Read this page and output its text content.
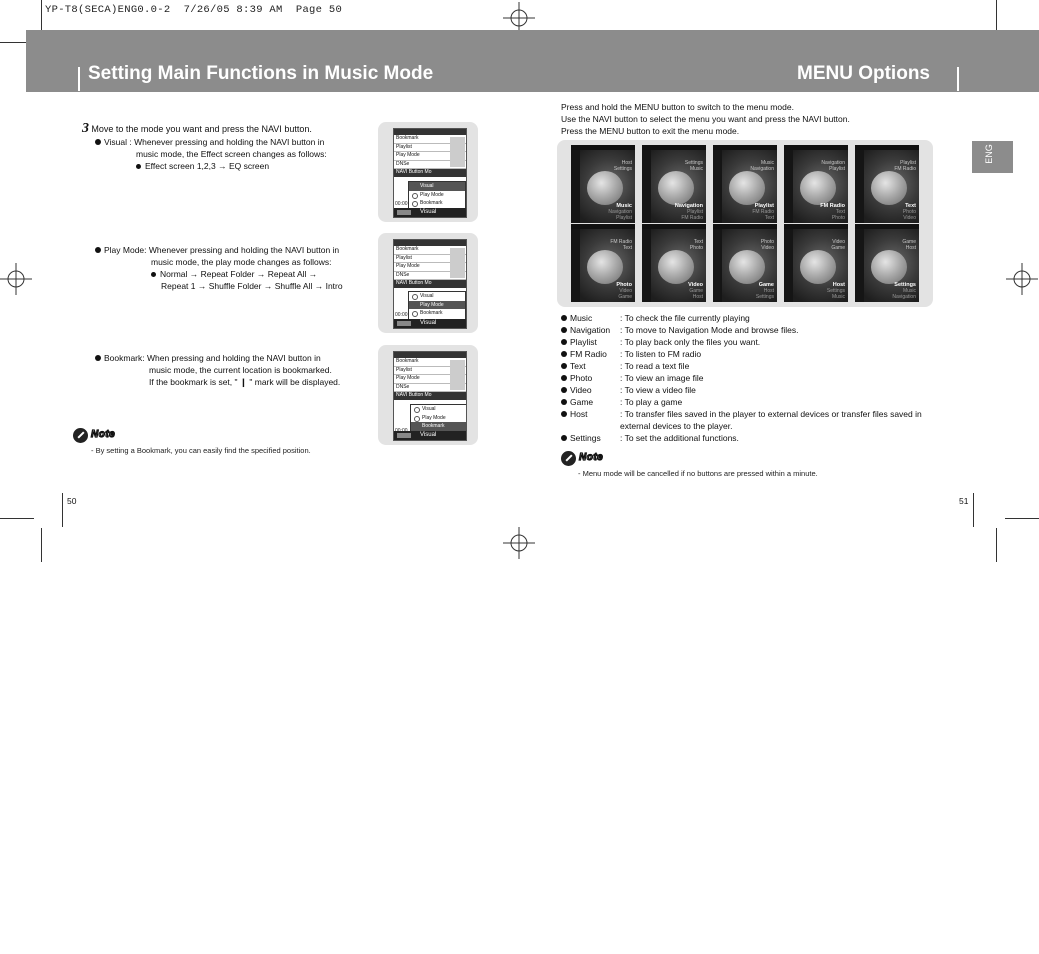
YP-T8(SECA)ENG0.0-2  7/26/05 8:39 AM  Page 50
Setting Main Functions in Music Mode	MENU Options
3 Move to the mode you want and press the NAVI button.
Visual : Whenever pressing and holding the NAVI button in
music mode, the Effect screen changes as follows:
Effect screen 1,2,3 → EQ screen
Play Mode: Whenever pressing and holding the NAVI button in
music mode, the play mode changes as follows:
Normal → Repeat Folder → Repeat All →
Repeat 1 → Shuffle Folder → Shuffle All → Intro
Bookmark: When pressing and holding the NAVI button in
music mode, the current location is bookmarked.
If the bookmark is set, " ❙ " mark will be displayed.
Bookmark
Playlist
Play Mode
DNSe
NAVI Button Mo
Visual
Play Mode
Bookmark
00:00
Visual
Bookmark
Playlist
Play Mode
DNSe
NAVI Button Mo
Visual
Play Mode
Bookmark
00:00
Visual
Bookmark
Playlist
Play Mode
DNSe
NAVI Button Mo
Visual
Play Mode
Bookmark
Visual
Note
- By setting a Bookmark, you can easily find the specified position.
50
Press and hold the MENU button to switch to the menu mode.
Use the NAVI button to select the menu you want and press the NAVI button.
Press the MENU button to exit the menu mode.
Host
Settings
Music
Navigation
Playlist
Settings
Music
Navigation
Playlist
FM Radio
Music
Navigation
Playlist
FM Radio
Text
Navigation
Playlist
FM Radio
Text
Photo
Playlist
FM Radio
Text
Photo
Video
FM Radio
Text
Photo
Video
Game
Text
Photo
Video
Game
Host
Photo
Video
Game
Host
Settings
Video
Game
Host
Settings
Music
Game
Host
Settings
Music
Navigation
Music	: To check the file currently playing
Navigation : To move to Navigation Mode and browse files.
Playlist	: To play back only the files you want.
FM Radio : To listen to FM radio
Text	: To read a text file
Photo	: To view an image file
Video	: To view a video file
Game	: To play a game
Host	: To transfer files saved in the player to external devices or transfer files saved in
external devices to the player.
Settings : To set the additional functions.
Note
- Menu mode will be cancelled if no buttons are pressed within a minute.
ENG
51
